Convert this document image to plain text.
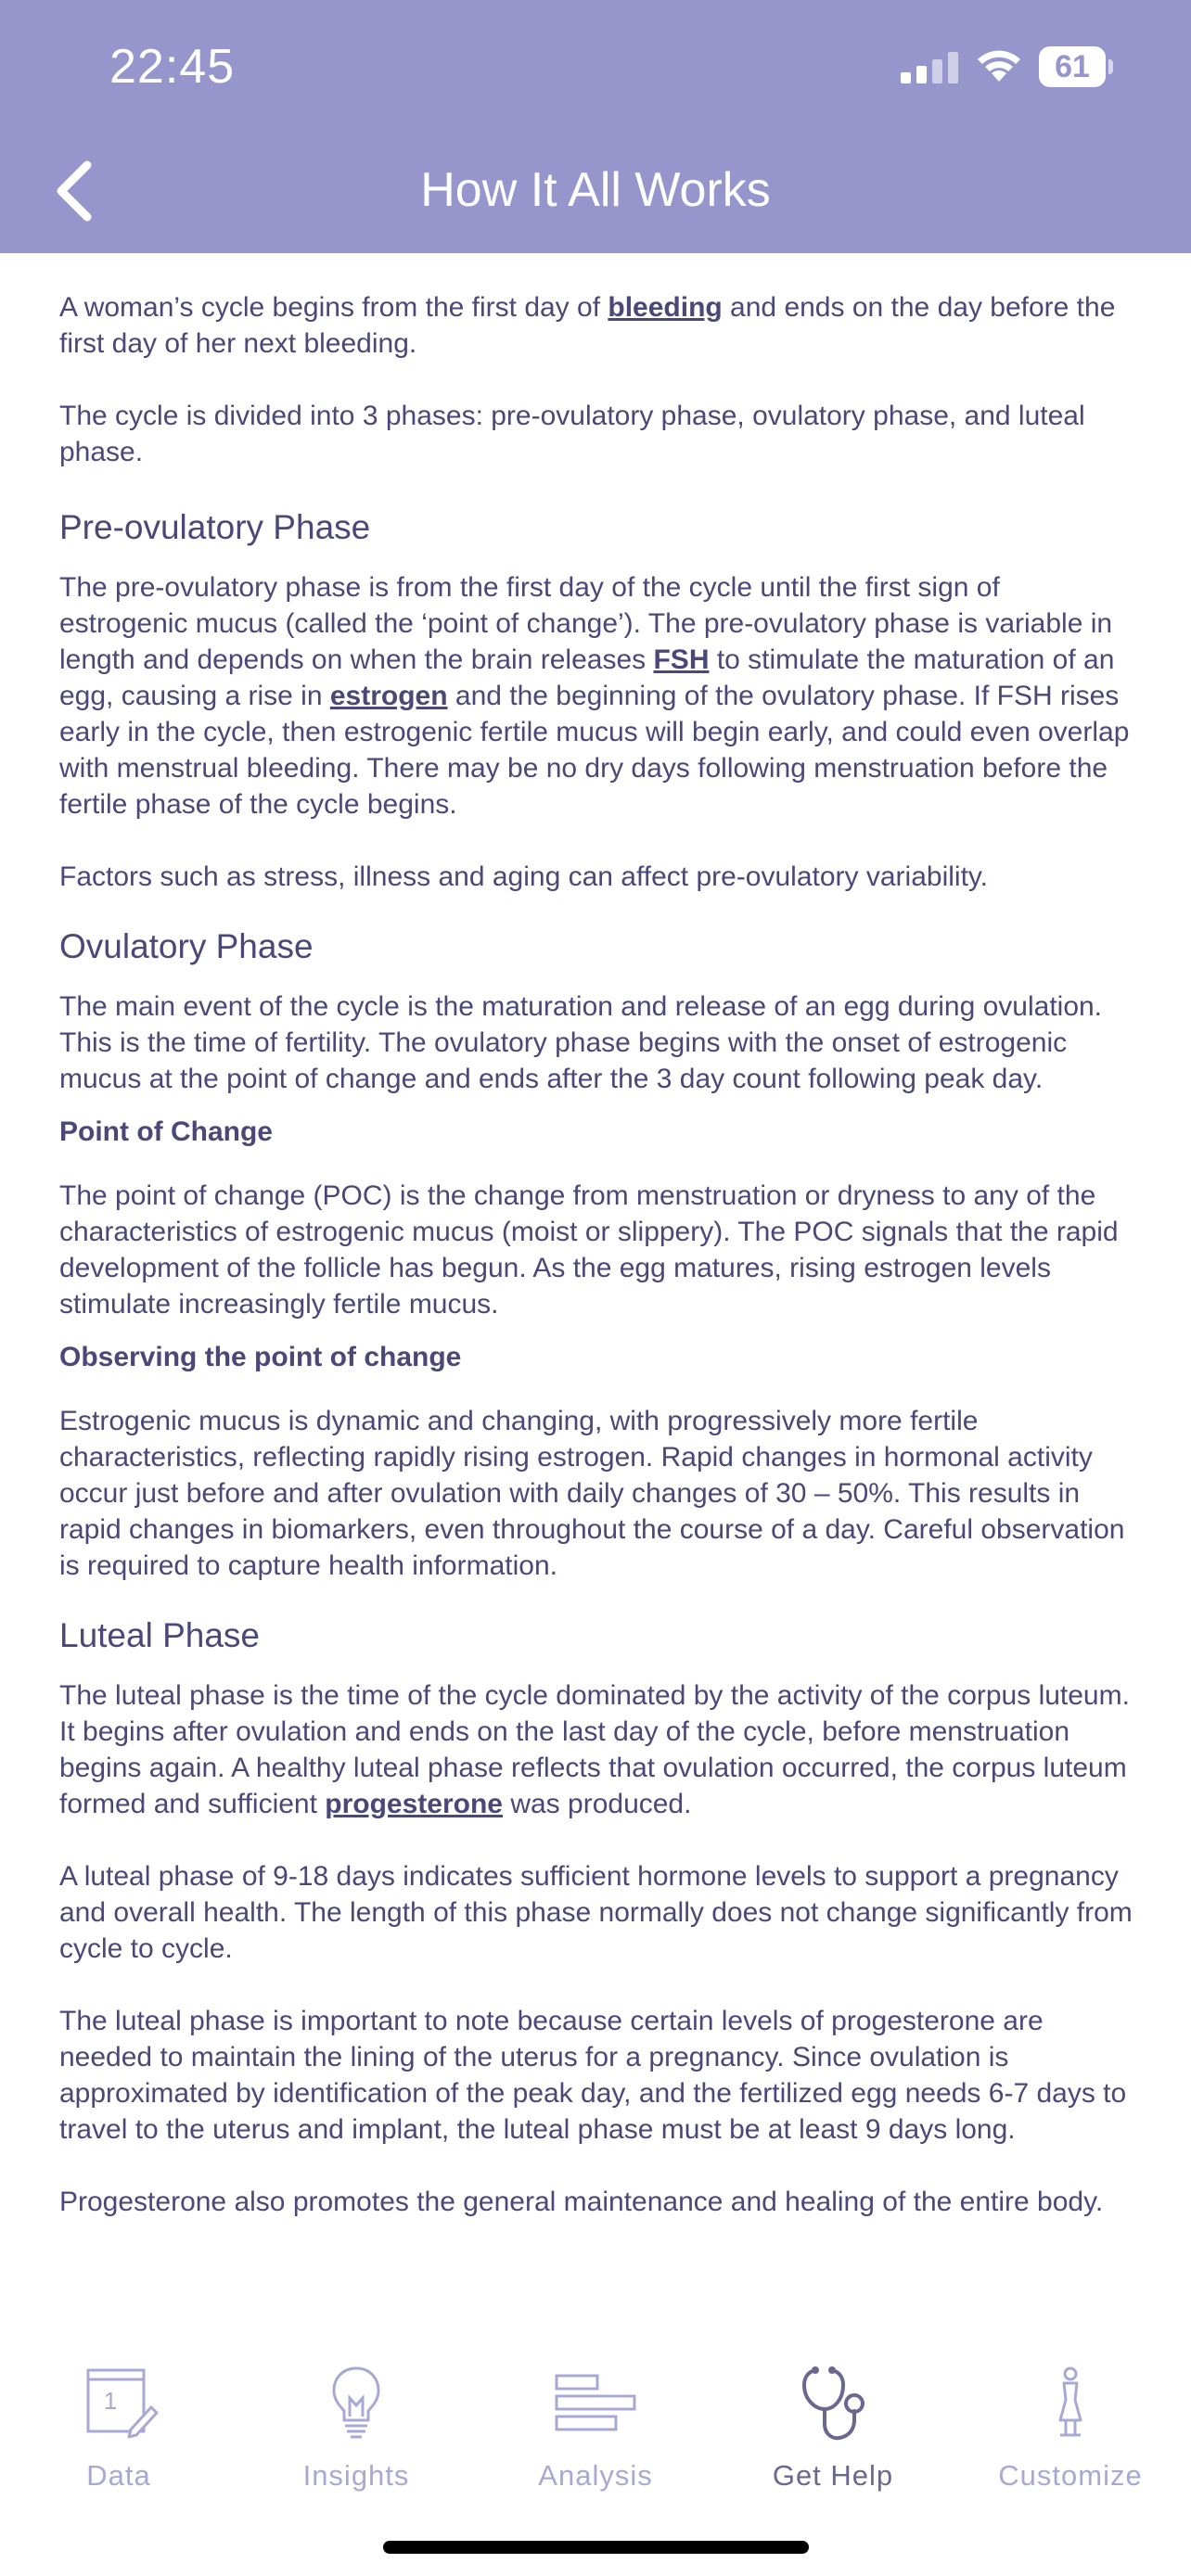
22:45	61
How It All Works

A woman’s cycle begins from the first day of bleeding and ends on the day before the first day of her next bleeding.

The cycle is divided into 3 phases: pre-ovulatory phase, ovulatory phase, and luteal phase.

Pre-ovulatory Phase

The pre-ovulatory phase is from the first day of the cycle until the first sign of estrogenic mucus (called the ‘point of change’). The pre-ovulatory phase is variable in length and depends on when the brain releases FSH to stimulate the maturation of an egg, causing a rise in estrogen and the beginning of the ovulatory phase. If FSH rises early in the cycle, then estrogenic fertile mucus will begin early, and could even overlap with menstrual bleeding. There may be no dry days following menstruation before the fertile phase of the cycle begins.

Factors such as stress, illness and aging can affect pre-ovulatory variability.

Ovulatory Phase

The main event of the cycle is the maturation and release of an egg during ovulation. This is the time of fertility. The ovulatory phase begins with the onset of estrogenic mucus at the point of change and ends after the 3 day count following peak day.

Point of Change

The point of change (POC) is the change from menstruation or dryness to any of the characteristics of estrogenic mucus (moist or slippery). The POC signals that the rapid development of the follicle has begun. As the egg matures, rising estrogen levels stimulate increasingly fertile mucus.

Observing the point of change

Estrogenic mucus is dynamic and changing, with progressively more fertile characteristics, reflecting rapidly rising estrogen. Rapid changes in hormonal activity occur just before and after ovulation with daily changes of 30 – 50%. This results in rapid changes in biomarkers, even throughout the course of a day. Careful observation is required to capture health information.

Luteal Phase

The luteal phase is the time of the cycle dominated by the activity of the corpus luteum. It begins after ovulation and ends on the last day of the cycle, before menstruation begins again. A healthy luteal phase reflects that ovulation occurred, the corpus luteum formed and sufficient progesterone was produced.

A luteal phase of 9-18 days indicates sufficient hormone levels to support a pregnancy and overall health. The length of this phase normally does not change significantly from cycle to cycle.

The luteal phase is important to note because certain levels of progesterone are needed to maintain the lining of the uterus for a pregnancy. Since ovulation is approximated by identification of the peak day, and the fertilized egg needs 6-7 days to travel to the uterus and implant, the luteal phase must be at least 9 days long.

Progesterone also promotes the general maintenance and healing of the entire body.

1
Data	Insights	Analysis	Get Help	Customize
